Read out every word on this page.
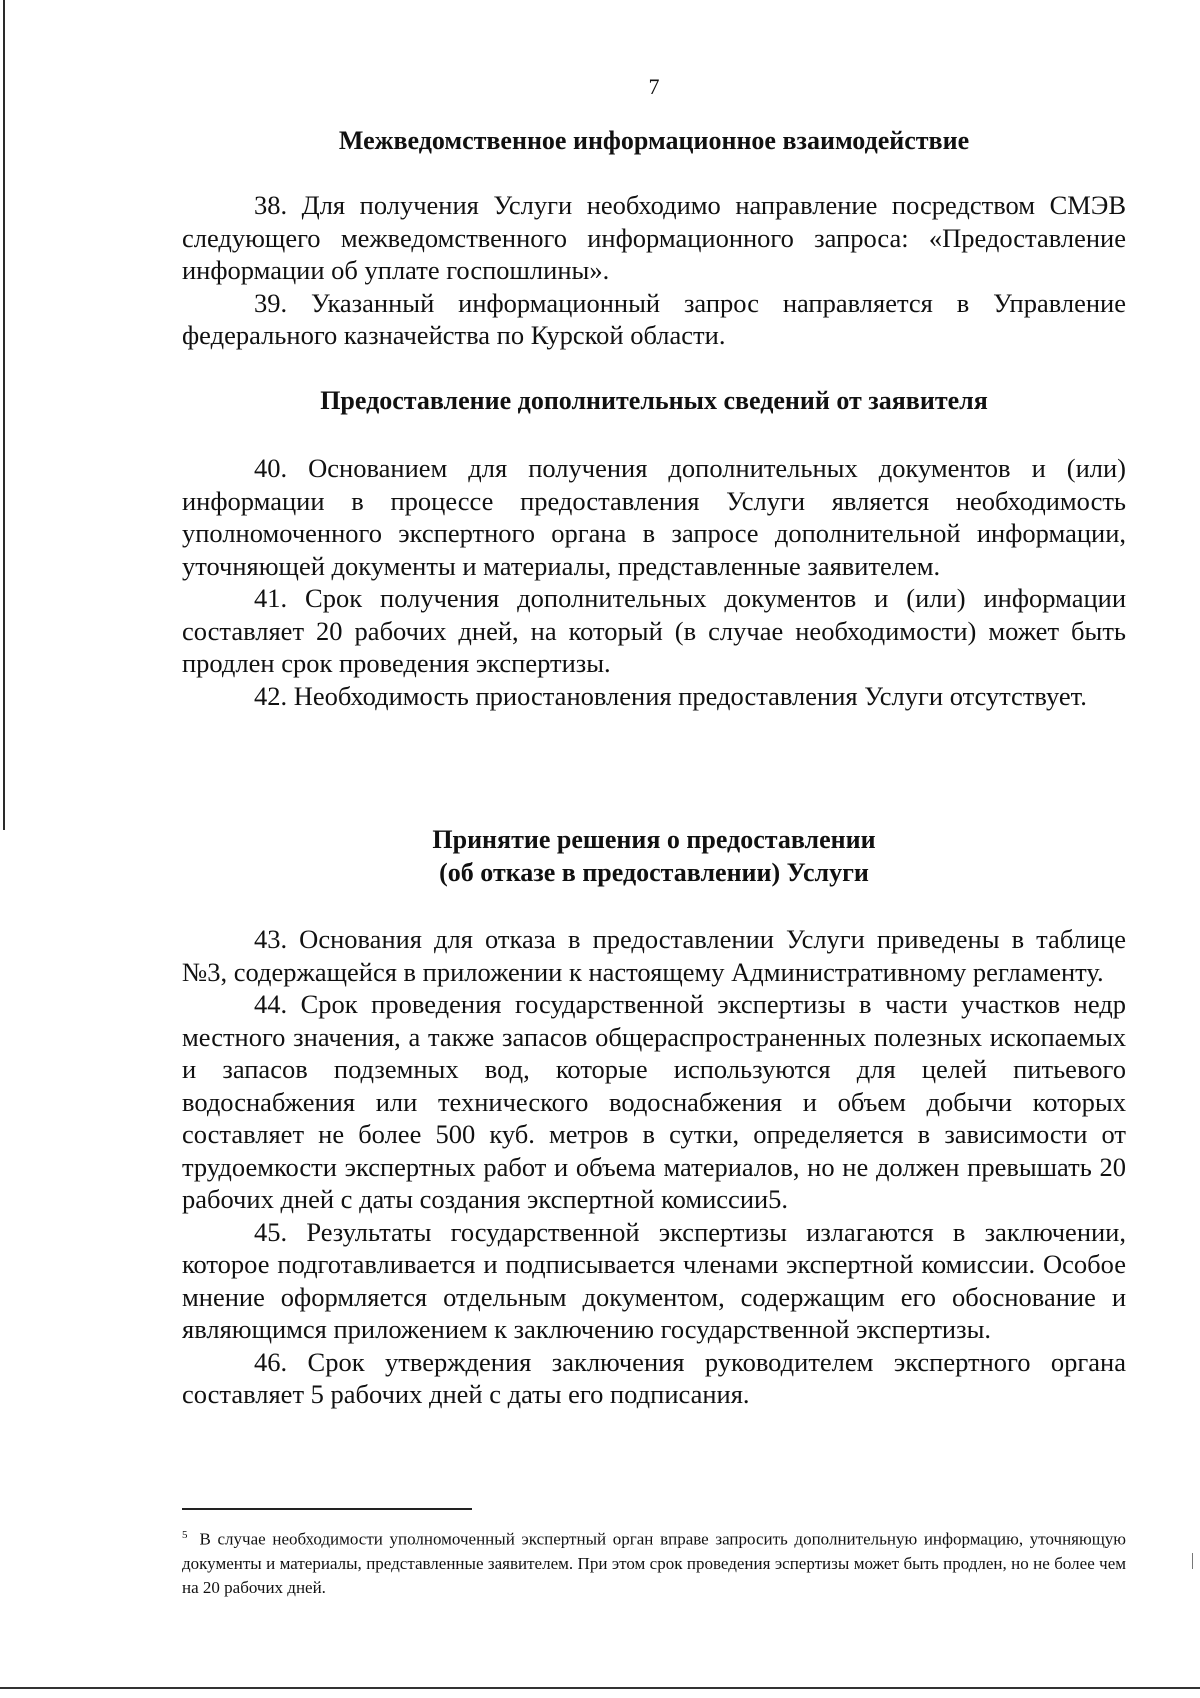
7
Межведомственное информационное взаимодействие

38. Для получения Услуги необходимо направление посредством СМЭВ следующего межведомственного информационного запроса: «Предоставление информации об уплате госпошлины».

39. Указанный информационный запрос направляется в Управление федерального казначейства по Курской области.

Предоставление дополнительных сведений от заявителя

40. Основанием для получения дополнительных документов и (или) информации в процессе предоставления Услуги является необходимость уполномоченного экспертного органа в запросе дополнительной информации, уточняющей документы и материалы, представленные заявителем.

41. Срок получения дополнительных документов и (или) информации составляет 20 рабочих дней, на который (в случае необходимости) может быть продлен срок проведения экспертизы.

42. Необходимость приостановления предоставления Услуги отсутствует.

Принятие решения о предоставлении

(об отказе в предоставлении) Услуги

43. Основания для отказа в предоставлении Услуги приведены в таблице №3, содержащейся в приложении к настоящему Административному регламенту.

44. Срок проведения государственной экспертизы в части участков недр местного значения, а также запасов общераспространенных полезных ископаемых и запасов подземных вод, которые используются для целей питьевого водоснабжения или технического водоснабжения и объем добычи которых составляет не более 500 куб. метров в сутки, определяется в зависимости от трудоемкости экспертных работ и объема материалов, но не должен превышать 20 рабочих дней с даты создания экспертной комиссии5.

45. Результаты государственной экспертизы излагаются в заключении, которое подготавливается и подписывается членами экспертной комиссии. Особое мнение оформляется отдельным документом, содержащим его обоснование и являющимся приложением к заключению государственной экспертизы.

46. Срок утверждения заключения руководителем экспертного органа составляет 5 рабочих дней с даты его подписания.

$^5$ В случае необходимости уполномоченный экспертный орган вправе запросить дополнительную информацию, уточняющую документы и материалы, представленные заявителем. При этом срок проведения эспертизы может быть продлен, но не более чем на 20 рабочих дней.
